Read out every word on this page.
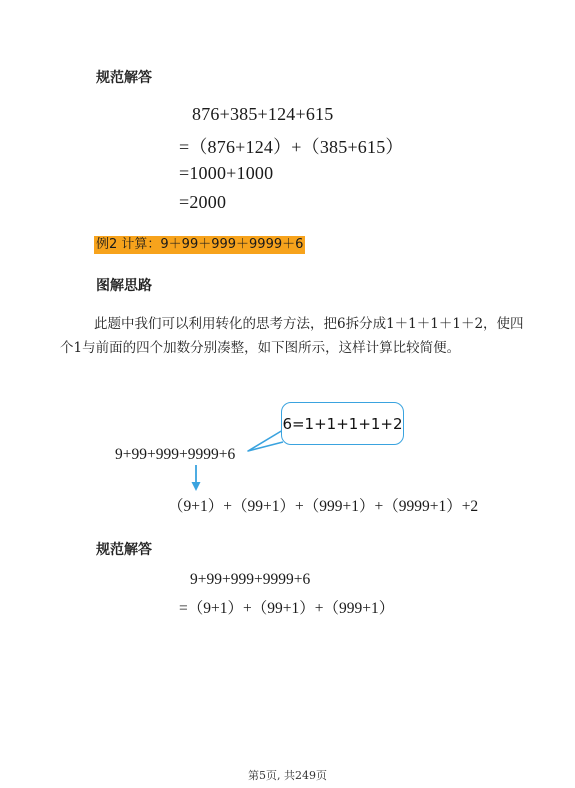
规范解答
876+385+124+615
=（876+124）+（385+615）
=1000+1000
=2000
例2 计算：9＋99＋999＋9999＋6
图解思路
此题中我们可以利用转化的思考方法，把6拆分成1＋1＋1＋1＋2，使四个1与前面的四个加数分别凑整，如下图所示，这样计算比较简便。
6=1+1+1+1+2
9+99+999+9999+6
（9+1）+（99+1）+（999+1）+（9999+1）+2
规范解答
9+99+999+9999+6
=（9+1）+（99+1）+（999+1）
第5页, 共249页
